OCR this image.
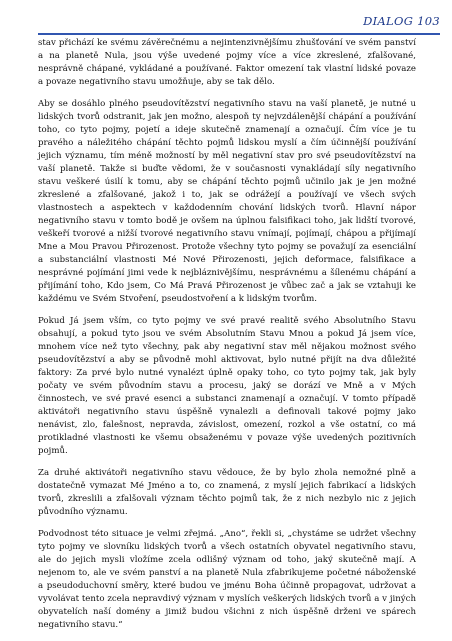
DIALOG 103

stav přichází ke svému závěrečnému a nejintenzivnějšímu zhušťování ve svém panství a na planetě Nula, jsou výše uvedené pojmy více a více zkreslené, zfalšované, nesprávně chápané, vykládané a používané. Faktor omezení tak vlastní lidské povaze a povaze negativního stavu umožňuje, aby se tak dělo.

Aby se dosáhlo plného pseudovítězství negativního stavu na vaší planetě, je nutné u lidských tvorů odstranit, jak jen možno, alespoň ty nejvzdálenější chápání a používání toho, co tyto pojmy, pojetí a ideje skutečně znamenají a označují. Čím více je tu pravého a náležitého chápání těchto pojmů lidskou myslí a čím účinnější používání jejich významu, tím méně možností by měl negativní stav pro své pseudovítězství na vaší planetě. Takže si buďte vědomi, že v současnosti vynakládají síly negativního stavu veškeré úsilí k tomu, aby se chápání těchto pojmů učinilo jak je jen možné zkreslené a zfalšované, jakož i to, jak se odrážejí a používají ve všech svých vlastnostech a aspektech v každodenním chování lidských tvorů. Hlavní nápor negativního stavu v tomto bodě je ovšem na úplnou falsifikaci toho, jak lidští tvorové, veškeří tvorové a nižší tvorové negativního stavu vnímají, pojímají, chápou a přijímají Mne a Mou Pravou Přirozenost. Protože všechny tyto pojmy se považují za esenciální a substanciální vlastnosti Mé Nové Přirozenosti, jejich deformace, falsifikace a nesprávné pojímání jimi vede k nejbláznivějšímu, nesprávnému a šílenému chápání a přijímání toho, Kdo jsem, Co Má Pravá Přirozenost je vůbec zač a jak se vztahuji ke každému ve Svém Stvoření, pseudostvoření a k lidským tvorům.

Pokud Já jsem vším, co tyto pojmy ve své pravé realitě svého Absolutního Stavu obsahují, a pokud tyto jsou ve svém Absolutním Stavu Mnou a pokud Já jsem více, mnohem více než tyto všechny, pak aby negativní stav měl nějakou možnost svého pseudovítězství a aby se původně mohl aktivovat, bylo nutné přijít na dva důležité faktory: Za prvé bylo nutné vynalézt úplně opaky toho, co tyto pojmy tak, jak byly počaty ve svém původním stavu a procesu, jaký se dorází ve Mně a v Mých činnostech, ve své pravé esenci a substanci znamenají a označují. V tomto případě aktivátoři negativního stavu úspěšně vynalezli a definovali takové pojmy jako nenávist, zlo, falešnost, nepravda, závislost, omezení, rozkol a vše ostatní, co má protikladné vlastnosti ke všemu obsaženému v povaze výše uvedených pozitivních pojmů.

Za druhé aktivátoři negativního stavu vědouce, že by bylo zhola nemožné plně a dostatečně vymazat Mé Jméno a to, co znamená, z myslí jejich fabrikací a lidských tvorů, zkreslili a zfalšovali význam těchto pojmů tak, že z nich nezbylo nic z jejich původního významu.

Podvodnost této situace je velmi zřejmá. „Ano“, řekli si, „chystáme se udržet všechny tyto pojmy ve slovníku lidských tvorů a všech ostatních obyvatel negativního stavu, ale do jejich mysli vložíme zcela odlišný význam od toho, jaký skutečně mají. A nejenom to, ale ve svém panství a na planetě Nula zfabrikujeme početné náboženské a pseudoduchovní směry, které budou ve jménu Boha účinně propagovat, udržovat a vyvolávat tento zcela nepravdivý význam v myslích veškerých lidských tvorů a v jiných obyvatelích naší domény a jimiž budou všichni z nich úspěšně drženi ve spárech negativního stavu.“
